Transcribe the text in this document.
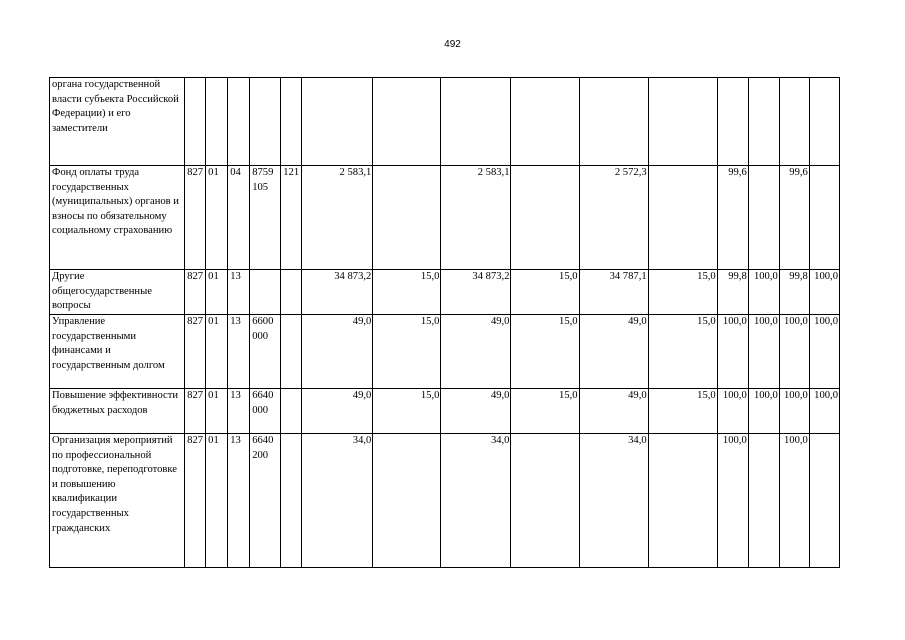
492
органа государственной власти субъекта Российской Федерации) и его заместители															
Фонд оплаты труда государственных (муниципальных) органов и взносы по обязательному социальному страхованию	827	01	04	8759 105	121	2 583,1		2 583,1		2 572,3		99,6		99,6	
Другие общегосударственные вопросы	827	01	13			34 873,2	15,0	34 873,2	15,0	34 787,1	15,0	99,8	100,0	99,8	100,0
Управление государственными финансами и государственным долгом	827	01	13	6600 000		49,0	15,0	49,0	15,0	49,0	15,0	100,0	100,0	100,0	100,0
Повышение эффективности бюджетных расходов	827	01	13	6640 000		49,0	15,0	49,0	15,0	49,0	15,0	100,0	100,0	100,0	100,0
Организация мероприятий по профессиональной подготовке, переподготовке и повышению квалификации государственных гражданских	827	01	13	6640 200		34,0		34,0		34,0		100,0		100,0	
